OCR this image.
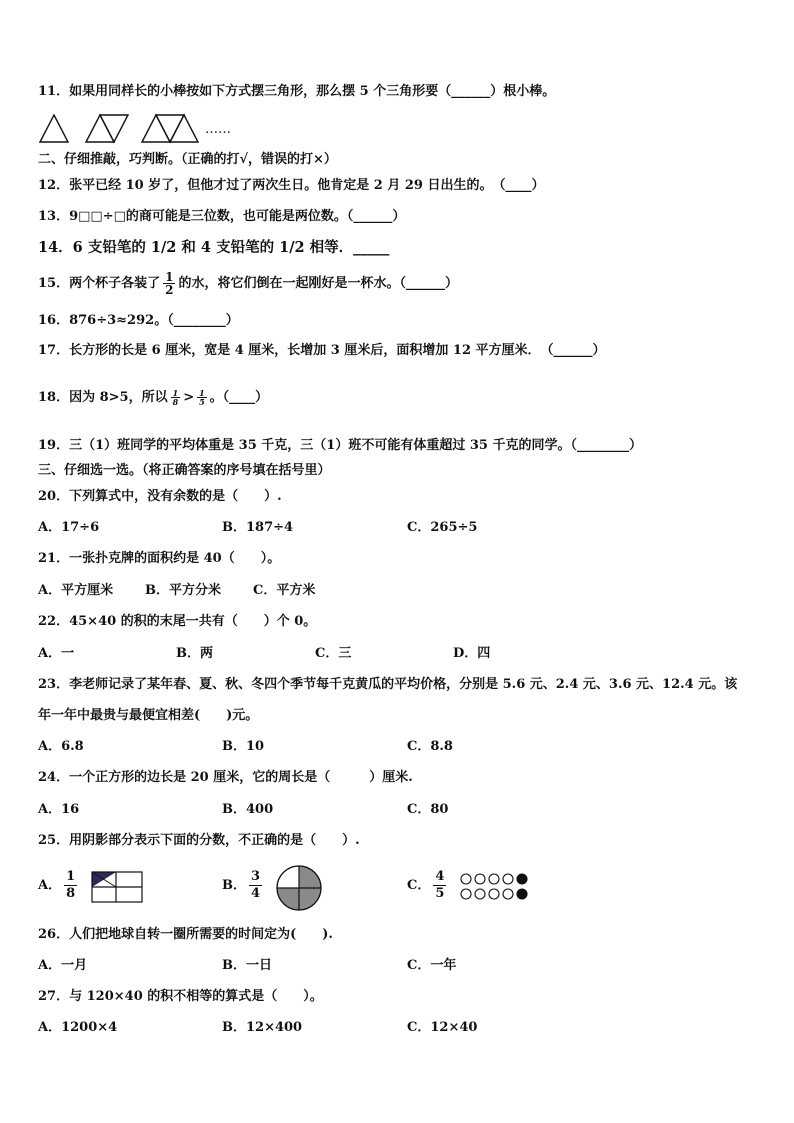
11．如果用同样长的小棒按如下方式摆三角形，那么摆 5 个三角形要（______）根小棒。
……
二、仔细推敲，巧判断。（正确的打√，错误的打×）
12．张平已经 10 岁了，但他才过了两次生日。他肯定是 2 月 29 日出生的。　（____）
13．9□□÷□的商可能是三位数，也可能是两位数。（______）
14．6 支铅笔的 1/2 和 4 支铅笔的 1/2 相等．_____
15．两个杯子各装了 $\frac{1}{2}$ 的水，将它们倒在一起刚好是一杯水。（______）
16．876÷3≈292。（________）
17．长方形的长是 6 厘米，宽是 4 厘米，长增加 3 厘米后，面积增加 12 平方厘米．　（______）
18．因为 8>5，所以 $\frac{1}{8} > \frac{1}{5}$ 。（____）
19．三（1）班同学的平均体重是 35 千克，三（1）班不可能有体重超过 35 千克的同学。（________）
三、仔细选一选。（将正确答案的序号填在括号里）
20．下列算式中，没有余数的是（　　）.
A．17÷6	B．187÷4	C．265÷5
21．一张扑克牌的面积约是 40（　　）。
A．平方厘米 B．平方分米 C．平方米
22．45×40 的积的末尾一共有（　　）个 0。
A．一	B．两	C．三	D．四
23．李老师记录了某年春、夏、秋、冬四个季节每千克黄瓜的平均价格，分别是 5.6 元、2.4 元、3.6 元、12.4 元。该
年一年中最贵与最便宜相差(　　)元。
A．6.8	B．10	C．8.8
24．一个正方形的边长是 20 厘米，它的周长是（　　　）厘米.
A．16	B．400	C．80
25．用阴影部分表示下面的分数，不正确的是（　　）.
A． $\frac{1}{8}$	B． $\frac{3}{4}$	C． $\frac{4}{5}$
26．人们把地球自转一圈所需要的时间定为(　　).
A．一月	B．一日	C．一年
27．与 120×40 的积不相等的算式是（　　）。
A．1200×4	B．12×400	C．12×40
